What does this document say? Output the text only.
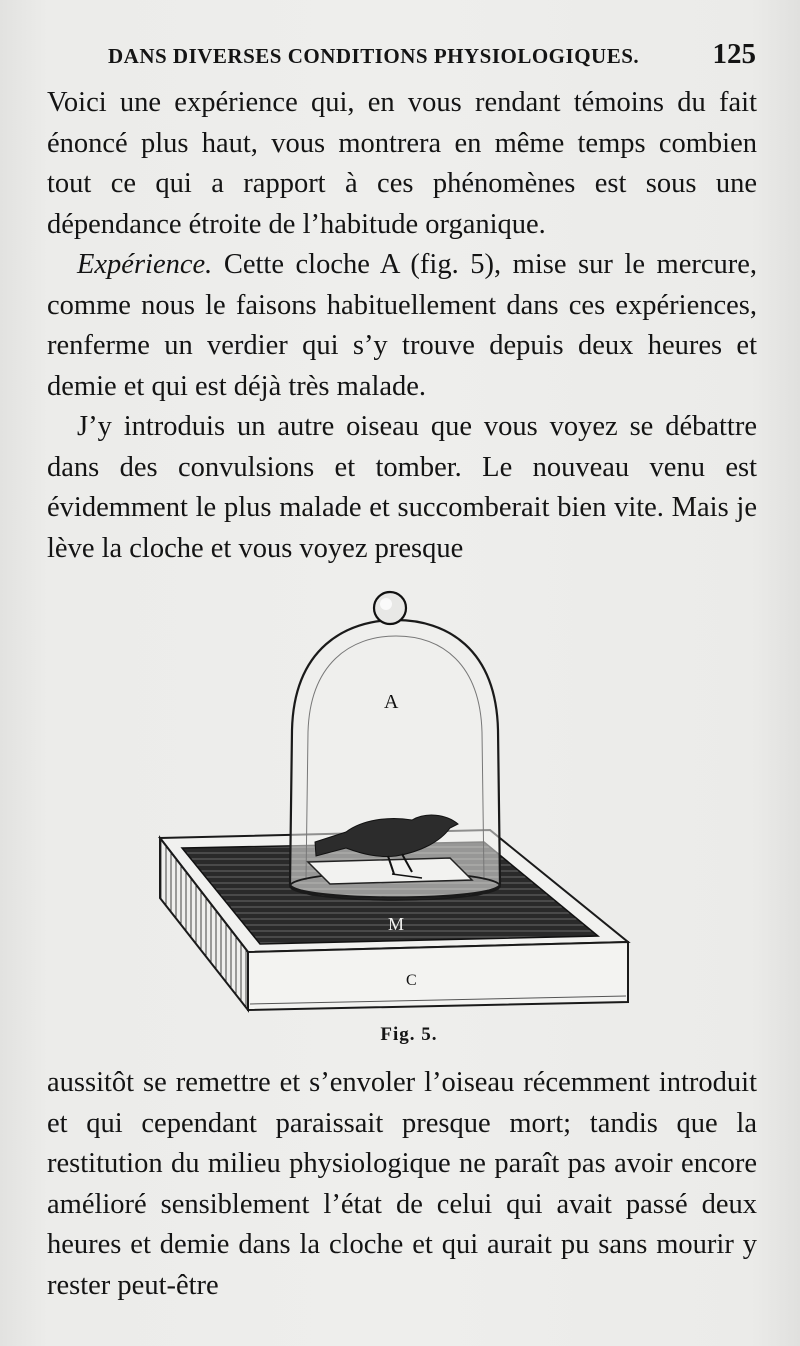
DANS DIVERSES CONDITIONS PHYSIOLOGIQUES.	125

Voici une expérience qui, en vous rendant témoins du fait énoncé plus haut, vous montrera en même temps combien tout ce qui a rapport à ces phénomènes est sous une dépendance étroite de l’habitude organique.

Expérience. Cette cloche A (fig. 5), mise sur le mercure, comme nous le faisons habituellement dans ces expériences, renferme un verdier qui s’y trouve depuis deux heures et demie et qui est déjà très malade.

J’y introduis un autre oiseau que vous voyez se débattre dans des convulsions et tomber. Le nouveau venu est évidemment le plus malade et succomberait bien vite. Mais je lève la cloche et vous voyez presque

A
M
C
Fig. 5.

aussitôt se remettre et s’envoler l’oiseau récemment introduit et qui cependant paraissait presque mort; tandis que la restitution du milieu physiologique ne paraît pas avoir encore amélioré sensiblement l’état de celui qui avait passé deux heures et demie dans la cloche et qui aurait pu sans mourir y rester peut-être
